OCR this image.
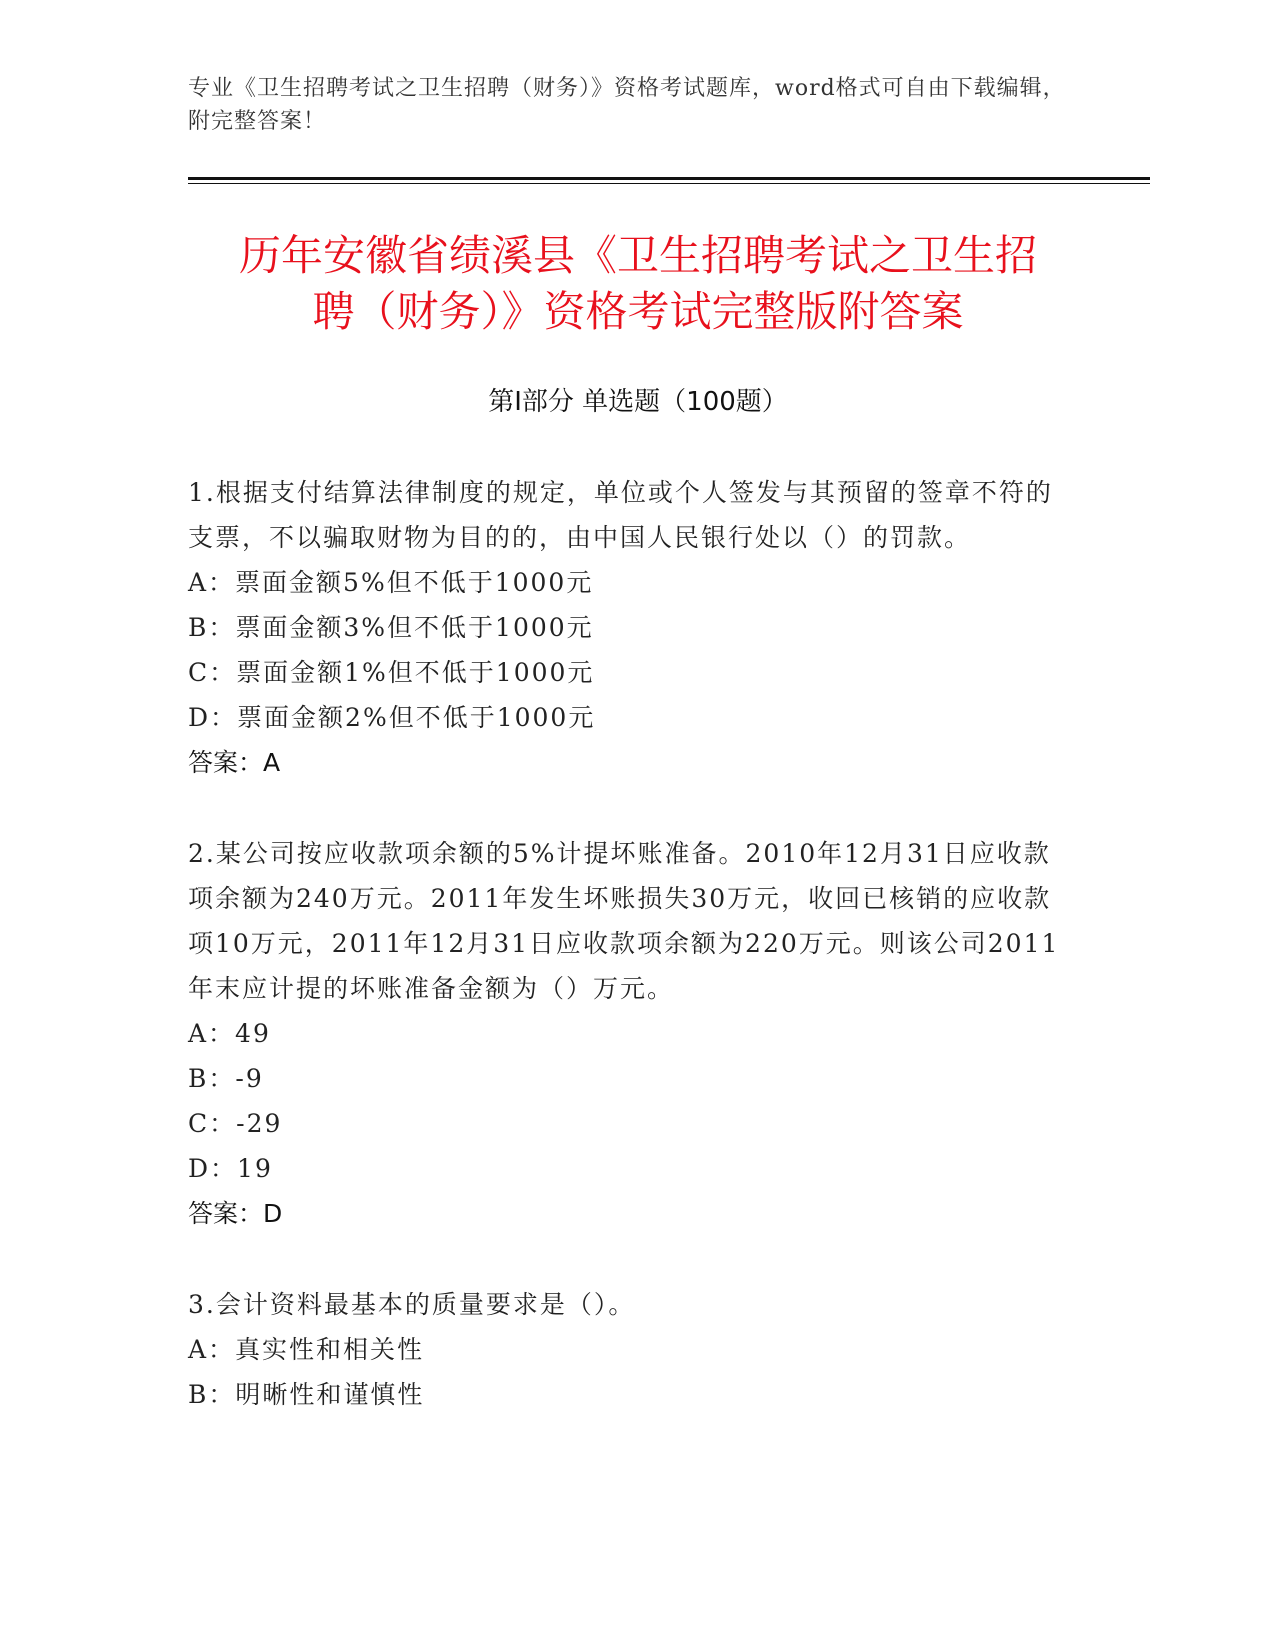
专业《卫生招聘考试之卫生招聘（财务）》资格考试题库，word格式可自由下载编辑，附完整答案！
历年安徽省绩溪县《卫生招聘考试之卫生招
聘（财务）》资格考试完整版附答案
第Ⅰ部分 单选题（100题）

1.根据支付结算法律制度的规定，单位或个人签发与其预留的签章不符的支票，不以骗取财物为目的的，由中国人民银行处以（）的罚款。

A：票面金额5%但不低于1000元
B：票面金额3%但不低于1000元
C：票面金额1%但不低于1000元
D：票面金额2%但不低于1000元
答案：A

2.某公司按应收款项余额的5%计提坏账准备。2010年12月31日应收款项余额为240万元。2011年发生坏账损失30万元，收回已核销的应收款项10万元，2011年12月31日应收款项余额为220万元。则该公司2011年末应计提的坏账准备金额为（）万元。

A：49
B：-9
C：-29
D：19
答案：D

3.会计资料最基本的质量要求是（）。

A：真实性和相关性
B：明晰性和谨慎性
